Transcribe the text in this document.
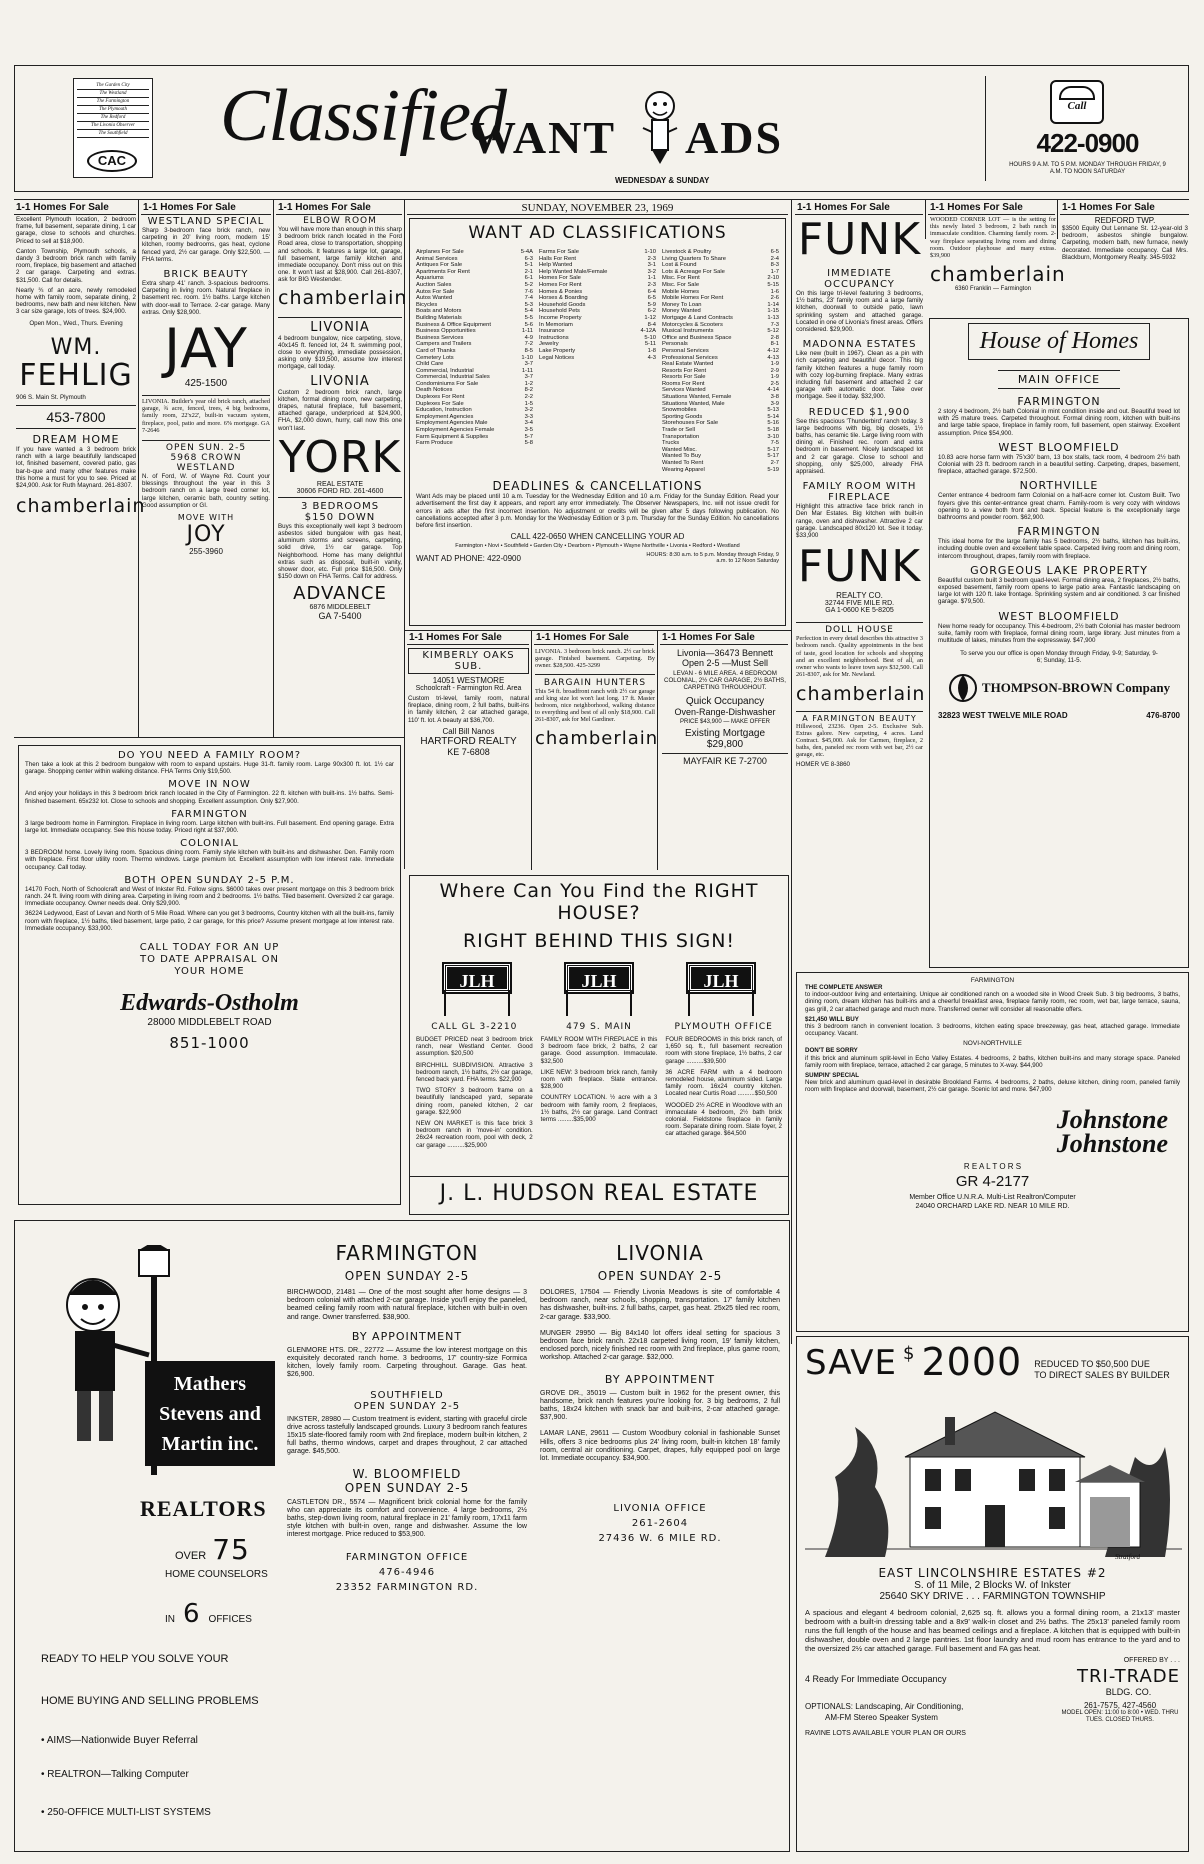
The Garden City
The Westland
The Farmington
The Plymouth
The Redford
The Livonia Observer
The Southfield
CAC
Classified
WANT ADS
WEDNESDAY & SUNDAY
Call
422-0900
HOURS 9 A.M. TO 5 P.M. MONDAY THROUGH FRIDAY, 9 A.M. TO NOON SATURDAY
1-1 Homes For Sale	1-1 Homes For Sale	1-1 Homes For Sale	SUNDAY, NOVEMBER 23, 1969	1-1 Homes For Sale	1-1 Homes For Sale	1-1 Homes For Sale

Excellent Plymouth location, 2 bedroom frame, full basement, separate dining, 1 car garage, close to schools and churches. Priced to sell at $18,900.

Canton Township, Plymouth schools, a dandy 3 bedroom brick ranch with family room, fireplace, big basement and attached 2 car garage. Carpeting and extras. $31,500. Call for details.

Nearly ¾ of an acre, newly remodeled home with family room, separate dining, 2 bedrooms, new bath and new kitchen. New 3 car size garage, lots of trees. $24,900.

Open Mon., Wed., Thurs. Evening

WM.
FEHLIG

906 S. Main St. Plymouth

453-7800
DREAM HOME

If you have wanted a 3 bedroom brick ranch with a large beautifully landscaped lot, finished basement, covered patio, gas bar-b-que and many other features make this home a must for you to see. Priced at $24,900. Ask for Ruth Maynard. 261-8307.

chamberlain
WESTLAND SPECIAL

Sharp 3-bedroom face brick ranch, new carpeting in 20' living room, modern 15' kitchen, roomy bedrooms, gas heat, cyclone fenced yard, 2½ car garage. Only $22,500. — FHA terms.

BRICK BEAUTY

Extra sharp 41' ranch. 3-spacious bedrooms. Carpeting in living room. Natural fireplace in basement rec. room. 1½ baths. Large kitchen with door-wall to Terrace. 2-car garage. Many extras. Only $28,900.

JAY
425-1500

LIVONIA. Builder's year old brick ranch, attached garage, ¾ acre, fenced, trees, 4 big bedrooms, family room, 22'x22', built-in vacuum system, fireplace, pool, patio and more. 6% mortgage. GA 7-2646

OPEN SUN. 2-5
5968 CROWN WESTLAND

N. of Ford, W. of Wayne Rd. Count your blessings throughout the year in this 3 bedroom ranch on a large treed corner lot, large kitchen, ceramic bath, country setting. Good assumption or GI.

MOVE WITH
JOY
255-3960
ELBOW ROOM

You will have more than enough in this sharp 3 bedroom brick ranch located in the Ford Road area, close to transportation, shopping and schools. It features a large lot, garage, full basement, large family kitchen and immediate occupancy. Don't miss out on this one. It won't last at $28,900. Call 261-8307, ask for BIG Westender.

chamberlain
LIVONIA

4 bedroom bungalow, nice carpeting, stove, 40x145 ft. fenced lot, 24 ft. swimming pool, close to everything, immediate possession, asking only $19,500, assume low interest mortgage, call today.

LIVONIA

Custom 2 bedroom brick ranch, large kitchen, formal dining room, new carpeting, drapes, natural fireplace, full basement, attached garage, underpriced at $24,900, FHA, $2,000 down, hurry, call now this one won't last.

YORK
REAL ESTATE
30606 FORD RD. 261-4600
3 BEDROOMS
$150 DOWN

Buys this exceptionally well kept 3 bedroom asbestos sided bungalow with gas heat, aluminum storms and screens, carpeting, solid drive, 1½ car garage. Top Neighborhood. Home has many delightful extras such as disposal, built-in vanity, shower door, etc. Full price $16,500. Only $150 down on FHA Terms. Call for address.

ADVANCE
6876 MIDDLEBELT
GA 7-5400
WANT AD CLASSIFICATIONS
Airplanes For Sale	5-4A
Animal Services	6-3
Antiques For Sale	5-1
Apartments For Rent	2-1
Aquariums	6-1
Auction Sales	5-2
Autos For Sale	7-6
Autos Wanted	7-4
Bicycles	5-3
Boats and Motors	5-4
Building Materials	5-5
Business & Office Equipment	5-6
Business Opportunities	1-11
Business Services	4-9
Campers and Trailers	7-2
Card of Thanks	8-5
Cemetery Lots	1-10
Child Care	3-7
Commercial, Industrial	1-11
Commercial, Industrial Sales	3-7
Condominiums For Sale	1-2
Death Notices	8-2
Duplexes For Rent	2-2
Duplexes For Sale	1-5
Education, Instruction	3-2
Employment Agencies	3-3
Employment Agencies Male	3-4
Employment Agencies Female	3-5
Farm Equipment & Supplies	5-7
Farm Produce	5-8
Farms For Sale	1-10
Halls For Rent	2-3
Help Wanted	3-1
Help Wanted Male/Female	3-2
Homes For Sale	1-1
Homes For Rent	2-3
Homes & Ponies	6-4
Horses & Boarding	6-5
Household Goods	5-9
Household Pets	6-2
Income Property	1-12
In Memoriam	8-4
Insurance	4-12A
Instructions	5-10
Jewelry	5-11
Lake Property	1-8
Legal Notices	4-3
Livestock & Poultry	6-5
Living Quarters To Share	2-4
Lost & Found	8-3
Lots & Acreage For Sale	1-7
Misc. For Rent	2-10
Misc. For Sale	5-15
Mobile Homes	1-6
Mobile Homes For Rent	2-6
Money To Loan	1-14
Money Wanted	1-15
Mortgage & Land Contracts	1-13
Motorcycles & Scooters	7-3
Musical Instruments	5-12
Office and Business Space	2-8
Personals	8-1
Personal Services	4-12
Professional Services	4-13
Real Estate Wanted	1-9
Resorts For Rent	2-9
Resorts For Sale	1-9
Rooms For Rent	2-5
Services Wanted	4-14
Situations Wanted, Female	3-8
Situations Wanted, Male	3-9
Snowmobiles	5-13
Sporting Goods	5-14
Storehouses For Sale	5-16
Trade or Sell	5-18
Transportation	3-10
Trucks	7-5
Wanted Misc.	5-17
Wanted To Buy	5-17
Wanted To Rent	2-7
Wearing Apparel	5-19
DEADLINES & CANCELLATIONS

Want Ads may be placed until 10 a.m. Tuesday for the Wednesday Edition and 10 a.m. Friday for the Sunday Edition. Read your advertisement the first day it appears, and report any error immediately. The Observer Newspapers, Inc. will not issue credit for errors in ads after the first incorrect insertion. No adjustment or credits will be given after 5 days following publication. No cancellations accepted after 3 p.m. Monday for the Wednesday Edition or 3 p.m. Thursday for the Sunday Edition. No cancellations before first insertion.

CALL 422-0650 WHEN CANCELLING YOUR AD
Farmington • Novi • Southfield • Garden City • Dearborn • Plymouth • Wayne Northville • Livonia • Redford • Westland
WANT AD PHONE: 422-0900	HOURS: 8:30 a.m. to 5 p.m. Monday through Friday, 9 a.m. to 12 Noon Saturday
1-1 Homes For Sale	1-1 Homes For Sale	1-1 Homes For Sale
KIMBERLY OAKS SUB.
14051 WESTMORE
Schoolcraft - Farmington Rd. Area

Custom tri-level, family room, natural fireplace, dining room, 2 full baths, built-ins in family kitchen, 2 car attached garage, 110' ft. lot. A beauty at $36,700.

Call Bill Nanos
HARTFORD REALTY
KE 7-6808

LIVONIA. 3 bedroom brick ranch. 2½ car brick garage. Finished basement. Carpeting. By owner. $28,500. 425-3299

BARGAIN HUNTERS

This 54 ft. broadfront ranch with 2½ car garage and king size lot won't last long. 17 ft. Master bedroom, nice neighborhood, walking distance to everything and best of all only $18,900. Call 261-8307, ask for Mel Gardiner.

chamberlain
Livonia—36473 Bennett
Open 2-5 —Must Sell

LEVAN - 6 MILE AREA. 4 BEDROOM COLONIAL, 2½ CAR GARAGE, 2½ BATHS, CARPETING THROUGHOUT.

Quick Occupancy
Oven-Range-Dishwasher
PRICE $43,900 — MAKE OFFER
Existing Mortgage
$29,800
MAYFAIR KE 7-2700
DO YOU NEED A FAMILY ROOM?

Then take a look at this 2 bedroom bungalow with room to expand upstairs. Huge 31-ft. family room. Large 90x300 ft. lot. 1½ car garage. Shopping center within walking distance. FHA Terms Only $19,500.

MOVE IN NOW

And enjoy your holidays in this 3 bedroom brick ranch located in the City of Farmington. 22 ft. kitchen with built-ins. 1½ baths. Semi-finished basement. 65x232 lot. Close to schools and shopping. Excellent assumption. Only $27,900.

FARMINGTON

3 large bedroom home in Farmington. Fireplace in living room. Large kitchen with built-ins. Full basement. End opening garage. Extra large lot. Immediate occupancy. See this house today. Priced right at $37,900.

COLONIAL

3 BEDROOM home. Lovely living room. Spacious dining room. Family style kitchen with built-ins and dishwasher. Den. Family room with fireplace. First floor utility room. Thermo windows. Large premium lot. Excellent assumption with low interest rate. Immediate occupancy. Call today.

BOTH OPEN SUNDAY 2-5 P.M.

14170 Foch, North of Schoolcraft and West of Inkster Rd. Follow signs. $6000 takes over present mortgage on this 3 bedroom brick ranch. 24 ft. living room with dining area. Carpeting in living room and 2 bedrooms. 1½ baths. Tiled basement. Oversized 2 car garage. Immediate occupancy. Owner needs deal. Only $29,900.

36224 Ledywood, East of Levan and North of 5 Mile Road. Where can you get 3 bedrooms, Country kitchen with all the built-ins, family room with fireplace, 1½ baths, tiled basement, large patio, 2 car garage, for this price? Assume present mortgage at low interest rate. Immediate occupancy. $33,900.

CALL TODAY FOR AN UP
TO DATE APPRAISAL ON
YOUR HOME
Edwards-Ostholm
28000 MIDDLEBELT ROAD
851-1000
Where Can You Find the RIGHT HOUSE?
RIGHT BEHIND THIS SIGN!
JLH	JLH	JLH
CALL GL 3-2210

BUDGET PRICED neat 3 bedroom brick ranch, near Westland Center. Good assumption. $20,500

BIRCHHILL SUBDIVISION. Attractive 3 bedroom ranch, 1½ baths, 2½ car garage, fenced back yard. FHA terms. $22,900

TWO STORY 3 bedroom frame on a beautifully landscaped yard, separate dining room, paneled kitchen, 2 car garage. $22,900

NEW ON MARKET is this face brick 3 bedroom ranch in 'move-in' condition. 26x24 recreation room, pool with deck, 2 car garage ..........$25,900

479 S. MAIN

FAMILY ROOM WITH FIREPLACE in this 3 bedroom face brick, 2 baths, 2 car garage. Good assumption. Immaculate. $32,500

LIKE NEW: 3 bedroom brick ranch, family room with fireplace. Slate entrance. $28,900

COUNTRY LOCATION. ½ acre with a 3 bedroom with family room, 2 fireplaces, 1½ baths, 2½ car garage. Land Contract terms .........$35,900

PLYMOUTH OFFICE

FOUR BEDROOMS in this brick ranch, of 1,650 sq. ft., full basement recreation room with stone fireplace, 1½ baths, 2 car garage ..........$39,500

36 ACRE FARM with a 4 bedroom remodeled house, aluminum sided. Large family room. 16x24 country kitchen. Located near Curtis Road ..........$50,500

WOODED 2½ ACRE in Woodlove with an immaculate 4 bedroom, 2½ bath brick colonial. Fieldstone fireplace in family room. Separate dining room. Slate foyer, 2 car attached garage. $64,500

J. L. HUDSON REAL ESTATE
FUNK
IMMEDIATE OCCUPANCY

On this large tri-level featuring 3 bedrooms, 1½ baths, 23' family room and a large family kitchen, doorwall to outside patio, lawn sprinkling system and attached garage. Located in one of Livonia's finest areas. Offers considered. $29,900.

MADONNA ESTATES

Like new (built in 1967). Clean as a pin with rich carpeting and beautiful decor. This big family kitchen features a huge family room with cozy log-burning fireplace. Many extras including full basement and attached 2 car garage with automatic door. Take over mortgage. See it today. $32,900.

REDUCED $1,900

See this spacious 'Thunderbird' ranch today. 3 large bedrooms with big, big closets, 1½ baths, has ceramic tile. Large living room with dining el. Finished rec. room and extra bedroom in basement. Nicely landscaped lot and 2 car garage. Close to school and shopping, only $25,000, already FHA appraised.

FAMILY ROOM WITH FIREPLACE

Highlight this attractive face brick ranch in Den Mar Estates. Big kitchen with built-in range, oven and dishwasher. Attractive 2 car garage. Landscaped 80x120 lot. See it today. $33,900

FUNK
REALTY CO.
32744 FIVE MILE RD.
GA 1-0600 KE 5-8205
DOLL HOUSE

Perfection in every detail describes this attractive 3 bedroom ranch. Quality appointments in the best of taste, good location for schools and shopping and an excellent neighborhood. Best of all, an owner who wants to leave town says $32,500. Call 261-8307, ask for Mr. Newland.

chamberlain
A FARMINGTON BEAUTY

Hillswood, 23236. Open 2-5. Exclusive Sub. Extras galore. New carpeting, 4 acres. Land Contract. $45,000. Ask for Carmen, fireplace, 2 baths, den, paneled rec room with wet bar, 2½ car garage, etc.

HOMER VE 8-3860

WOODED CORNER LOT — is the setting for this newly listed 3 bedroom, 2 bath ranch in immaculate condition. Charming family room. 2-way fireplace separating living room and dining room. Outdoor playhouse and many extras. $39,900

chamberlain
6360 Franklin — Farmington
REDFORD TWP.

$3500 Equity Out Lennane St. 12-year-old 3 bedroom, asbestos shingle bungalow. Carpeting, modern bath, new furnace, newly decorated. Immediate occupancy. Call Mrs. Blackburn, Montgomery Realty. 345-5932

House of Homes
MAIN OFFICE
FARMINGTON

2 story 4 bedroom, 2½ bath Colonial in mint condition inside and out. Beautiful treed lot with 25 mature trees. Carpeted throughout. Formal dining room, kitchen with built-ins and large table space, fireplace in family room, full basement, open stairway. Excellent assumption. Price $54,900.

WEST BLOOMFIELD

10.83 acre horse farm with 75'x30' barn, 13 box stalls, tack room, 4 bedroom 2½ bath Colonial with 23 ft. bedroom ranch in a beautiful setting. Carpeting, drapes, basement, fireplace, attached garage. $72,500.

NORTHVILLE

Center entrance 4 bedroom farm Colonial on a half-acre corner lot. Custom Built. Two foyers give this center-entrance great charm. Family-room is very cozy with windows opening to a view both front and back. Special feature is the exceptionally large bathrooms and powder room. $62,900.

FARMINGTON

This ideal home for the large family has 5 bedrooms, 2½ baths, kitchen has built-ins, including double oven and excellent table space. Carpeted living room and dining room, intercom throughout, drapes, family room with fireplace.

GORGEOUS LAKE PROPERTY

Beautiful custom built 3 bedroom quad-level. Formal dining area, 2 fireplaces, 2½ baths, exposed basement, family room opens to large patio area. Fantastic landscaping on large lot with 120 ft. lake frontage. Sprinkling system and air conditioned. 3 car finished garage. $79,500.

WEST BLOOMFIELD

New home ready for occupancy. This 4-bedroom, 2½ bath Colonial has master bedroom suite, family room with fireplace, formal dining room, large library. Just minutes from a multitude of lakes, minutes from the expressway. $47,900

To serve you our office is open Monday through Friday, 9-9; Saturday, 9-6; Sunday, 11-5.

THOMPSON-BROWN Company
32823 WEST TWELVE MILE ROAD	476-8700
FARMINGTON
THE COMPLETE ANSWER

to indoor-outdoor living and entertaining. Unique air conditioned ranch on a wooded site in Wood Creek Sub. 3 big bedrooms, 3 baths, dining room, dream kitchen has built-ins and a cheerful breakfast area, fireplace family room, rec room, wet bar, large terrace, sauna, gas grill, 2 car attached garage and much more. Transferred owner will consider all reasonable offers.

$21,450 WILL BUY

this 3 bedroom ranch in convenient location. 3 bedrooms, kitchen eating space breezeway, gas heat, attached garage. Immediate occupancy. Vacant.

NOVI-NORTHVILLE
DON'T BE SORRY

if this brick and aluminum split-level in Echo Valley Estates. 4 bedrooms, 2 baths, kitchen built-ins and many storage space. Paneled family room with fireplace, terrace, attached 2 car garage, 5 minutes to X-way. $44,900

SUMPIN' SPECIAL

New brick and aluminum quad-level in desirable Brookland Farms. 4 bedrooms, 2 baths, deluxe kitchen, dining room, paneled family room with fireplace and doorwall, basement, 2½ car garage. Scenic lot and more. $47,900

Johnstone
Johnstone
R E A L T O R S
GR 4-2177
Member Office U.N.R.A. Multi-List Realtron/Computer
24040 ORCHARD LAKE RD. NEAR 10 MILE RD.
SAVE $ 2000 REDUCED TO $50,500 DUE
TO DIRECT SALES BY BUILDER
Stratford
EAST LINCOLNSHIRE ESTATES #2
S. of 11 Mile, 2 Blocks W. of Inkster
25640 SKY DRIVE . . . FARMINGTON TOWNSHIP

A spacious and elegant 4 bedroom colonial, 2,625 sq. ft. allows you a formal dining room, a 21x13' master bedroom with a built-in dressing table and a 8x9' walk-in closet and 2½ baths. The 25x13' paneled family room runs the full length of the house and has beamed ceilings and a fireplace. A kitchen that is equipped with built-in dishwasher, double oven and 2 large pantries. 1st floor laundry and mud room has entrance to the yard and to the oversized 2½ car attached garage. Full basement and FA gas heat.

OFFERED BY . . .
4 Ready For Immediate Occupancy	TRI-TRADE
BLDG. CO.
OPTIONALS: Landscaping, Air Conditioning,
AM-FM Stereo Speaker System
261-7575, 427-4560
MODEL OPEN: 11:00 to 8:00 • WED. THRU TUES. CLOSED THURS.
RAVINE LOTS AVAILABLE YOUR PLAN OR OURS
Mathers
Stevens and
Martin inc.
REALTORS
OVER 75
HOME COUNSELORS
IN 6 OFFICES
READY TO HELP YOU SOLVE YOUR
HOME BUYING AND SELLING PROBLEMS
• AIMS—Nationwide Buyer Referral
• REALTRON—Talking Computer
• 250-OFFICE MULTI-LIST SYSTEMS
FARMINGTON
OPEN SUNDAY 2-5

BIRCHWOOD, 21481 — One of the most sought after home designs — 3 bedroom colonial with attached 2-car garage. Inside you'll enjoy the paneled, beamed ceiling family room with natural fireplace, kitchen with built-in oven and range. Owner transferred. $38,900.

BY APPOINTMENT

GLENMORE HTS. DR., 22772 — Assume the low interest mortgage on this exquisitely decorated ranch home. 3 bedrooms, 17' country-size Formica kitchen, lovely family room. Carpeting throughout. Garage. Gas heat. $26,900.

SOUTHFIELD
OPEN SUNDAY 2-5

INKSTER, 28980 — Custom treatment is evident, starting with graceful circle drive across tastefully landscaped grounds. Luxury 3 bedroom ranch features 15x15 slate-floored family room with 2nd fireplace, modern built-in kitchen, 2 full baths, thermo windows, carpet and drapes throughout, 2 car attached garage. $45,500.

W. BLOOMFIELD
OPEN SUNDAY 2-5

CASTLETON DR., 5574 — Magnificent brick colonial home for the family who can appreciate its comfort and convenience. 4 large bedrooms, 2½ baths, step-down living room, natural fireplace in 21' family room, 17x11 farm style kitchen with built-in oven, range and dishwasher. Assume the low interest mortgage. Price reduced to $53,900.

FARMINGTON OFFICE
476-4946
23352 FARMINGTON RD.
LIVONIA
OPEN SUNDAY 2-5

DOLORES, 17504 — Friendly Livonia Meadows is site of comfortable 4 bedroom ranch, near schools, shopping, transportation. 17' family kitchen has dishwasher, built-ins. 2 full baths, carpet, gas heat. 25x25 tiled rec room, 2-car garage. $33,900.

MUNGER 29950 — Big 84x140 lot offers ideal setting for spacious 3 bedroom face brick ranch. 22x18 carpeted living room, 19' family kitchen, enclosed porch, nicely finished rec room with 2nd fireplace, plus game room, workshop. Attached 2-car garage. $32,000.

BY APPOINTMENT

GROVE DR., 35019 — Custom built in 1962 for the present owner, this handsome, brick ranch features you're looking for. 3 big bedrooms, 2 full baths, 18x24 kitchen with snack bar and built-ins, 2-car attached garage. $37,900.

LAMAR LANE, 29611 — Custom Woodbury colonial in fashionable Sunset Hills, offers 3 nice bedrooms plus 24' living room, built-in kitchen 18' family room, central air conditioning. Carpet, drapes, fully equipped pool on large lot. Immediate occupancy. $34,900.

LIVONIA OFFICE
261-2604
27436 W. 6 MILE RD.
